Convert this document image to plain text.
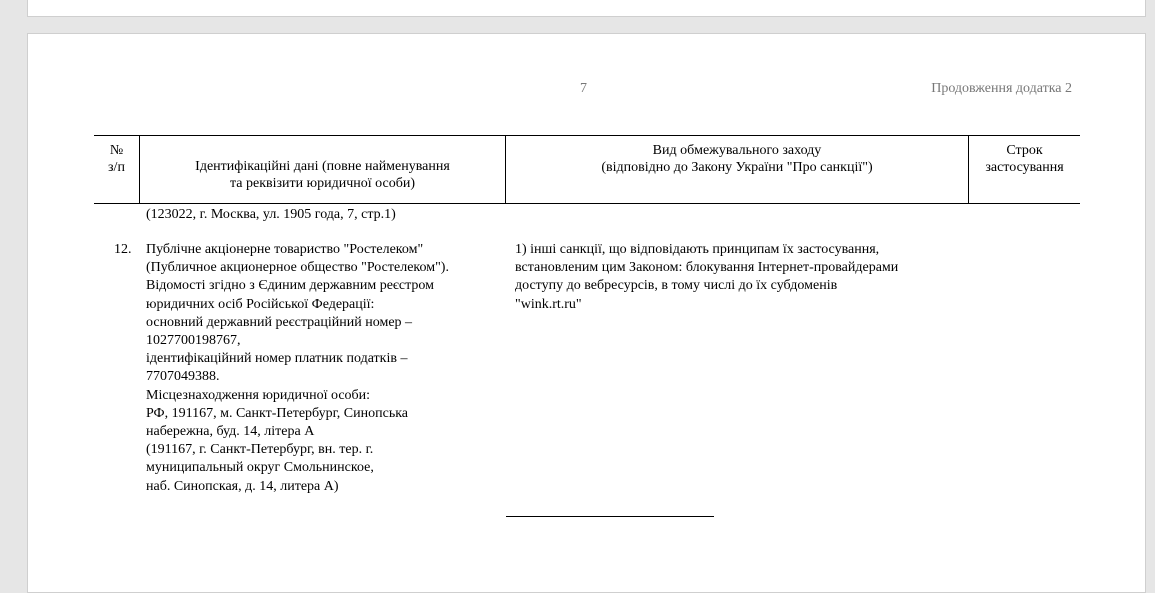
7	Продовження додатка 2
№
з/п	Ідентифікаційні дані (повне найменування
та реквізити юридичної особи)
Вид обмежувального заходу
(відповідно до Закону України "Про санкції")
Строк
застосування
(123022, г. Москва, ул. 1905 года, 7, стр.1)
12. Публічне акціонерне товариство "Ростелеком"
(Публичное акционерное общество "Ростелеком").
Відомості згідно з Єдиним державним реєстром
юридичних осіб Російської Федерації:
основний державний реєстраційний номер –
1027700198767,
ідентифікаційний номер платник податків –
7707049388.
Місцезнаходження юридичної особи:
РФ, 191167, м. Санкт-Петербург, Синопська
набережна, буд. 14, літера А
(191167, г. Санкт-Петербург, вн. тер. г.
муниципальный округ Смольнинское,
наб. Синопская, д. 14, литера А)
1) інші санкції, що відповідають принципам їх застосування,
встановленим цим Законом: блокування Інтернет-провайдерами
доступу до вебресурсів, в тому числі до їх субдоменів
"wink.rt.ru"
